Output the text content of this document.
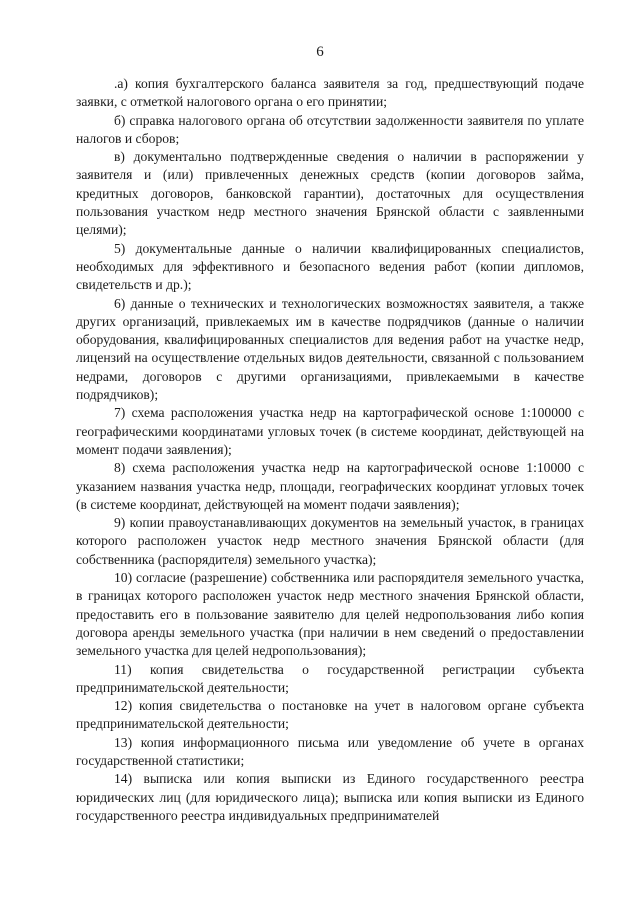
6

.а) копия бухгалтерского баланса заявителя за год, предшествующий подаче заявки, с отметкой налогового органа о его принятии;

б) справка налогового органа об отсутствии задолженности заявителя по уплате налогов и сборов;

в) документально подтвержденные сведения о наличии в распоряжении у заявителя и (или) привлеченных денежных средств (копии договоров займа, кредитных договоров, банковской гарантии), достаточных для осуществления пользования участком недр местного значения Брянской области с заявленными целями);

5) документальные данные о наличии квалифицированных специалистов, необходимых для эффективного и безопасного ведения работ (копии дипломов, свидетельств и др.);

6) данные о технических и технологических возможностях заявителя, а также других организаций, привлекаемых им в качестве подрядчиков (данные о наличии оборудования, квалифицированных специалистов для ведения работ на участке недр, лицензий на осуществление отдельных видов деятельности, связанной с пользованием недрами, договоров с другими организациями, привлекаемыми в качестве подрядчиков);

7) схема расположения участка недр на картографической основе 1:100000 с географическими координатами угловых точек (в системе координат, действующей на момент подачи заявления);

8) схема расположения участка недр на картографической основе 1:10000 с указанием названия участка недр, площади, географических координат угловых точек (в системе координат, действующей на момент подачи заявления);

9) копии правоустанавливающих документов на земельный участок, в границах которого расположен участок недр местного значения Брянской области (для собственника (распорядителя) земельного участка);

10) согласие (разрешение) собственника или распорядителя земельного участка, в границах которого расположен участок недр местного значения Брянской области, предоставить его в пользование заявителю для целей недропользования либо копия договора аренды земельного участка (при наличии в нем сведений о предоставлении земельного участка для целей недропользования);

11) копия свидетельства о государственной регистрации субъекта предпринимательской деятельности;

12) копия свидетельства о постановке на учет в налоговом органе субъекта предпринимательской деятельности;

13) копия информационного письма или уведомление об учете в органах государственной статистики;

14) выписка или копия выписки из Единого государственного реестра юридических лиц (для юридического лица); выписка или копия выписки из Единого государственного реестра индивидуальных предпринимателей
